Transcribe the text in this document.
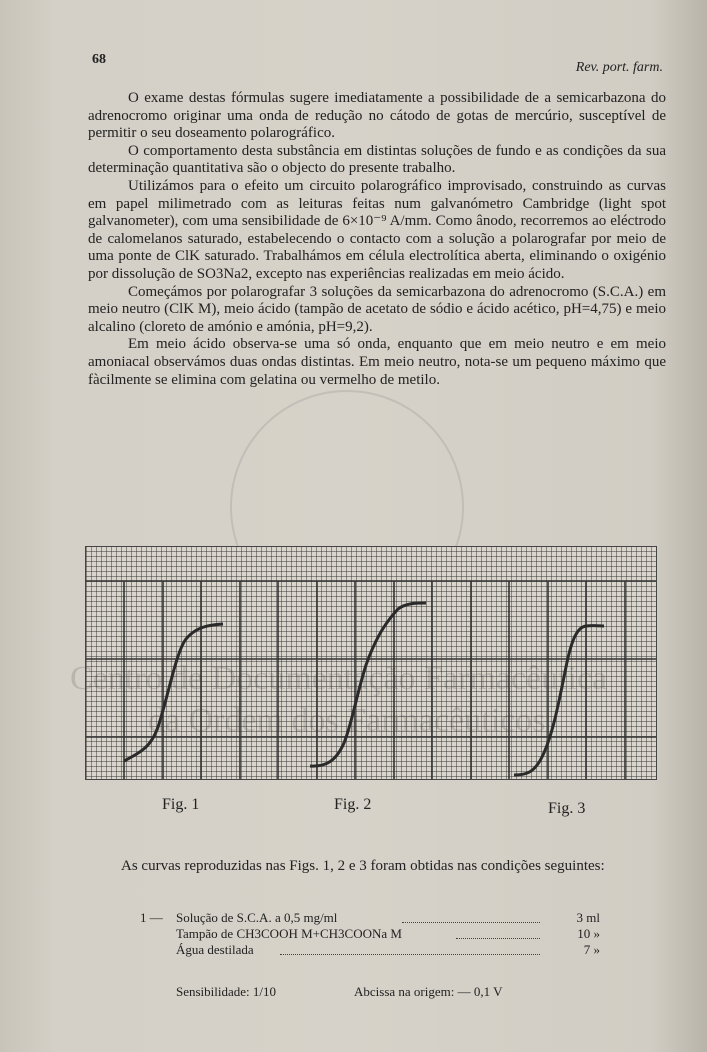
68
Rev. port. farm.

O exame destas fórmulas sugere imediatamente a possibilidade de a semicarbazona do adrenocromo originar uma onda de redução no cátodo de gotas de mercúrio, susceptível de permitir o seu doseamento polarográfico.

O comportamento desta substância em distintas soluções de fundo e as condições da sua determinação quantitativa são o objecto do presente trabalho.

Utilizámos para o efeito um circuito polarográfico improvisado, construindo as curvas em papel milimetrado com as leituras feitas num galvanómetro Cambridge (light spot galvanometer), com uma sensibilidade de 6×10⁻⁹ A/mm. Como ânodo, recorremos ao eléctrodo de calomelanos saturado, estabelecendo o contacto com a solução a polarografar por meio de uma ponte de ClK saturado. Trabalhámos em célula electrolítica aberta, eliminando o oxigénio por dissolução de SO3Na2, excepto nas experiências realizadas em meio ácido.

Começámos por polarografar 3 soluções da semicarbazona do adrenocromo (S.C.A.) em meio neutro (ClK M), meio ácido (tampão de acetato de sódio e ácido acético, pH=4,75) e meio alcalino (cloreto de amónio e amónia, pH=9,2).

Em meio ácido observa-se uma só onda, enquanto que em meio neutro e em meio amoniacal observámos duas ondas distintas. Em meio neutro, nota-se um pequeno máximo que fàcilmente se elimina com gelatina ou vermelho de metilo.

Fig. 1	Fig. 2	Fig. 3

As curvas reproduzidas nas Figs. 1, 2 e 3 foram obtidas nas condições seguintes:

1 — Solução de S.C.A. a 0,5 mg/ml	3 ml
Tampão de CH3COOH M+CH3COONa M	10 »
Água destilada	7 »
Sensibilidade: 1/10	Abcissa na origem: — 0,1 V
